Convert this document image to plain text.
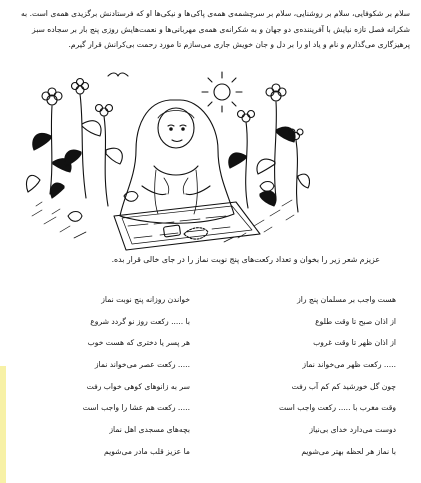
سلام بر شکوفایی، سلام بر روشنایی، سلام بر سرچشمه‌ی همه‌ی پاکی‌ها و نیکی‌ها او که فرستادنش برگزیدی همه‌ی است. به شکرانه فصل تازه نیایش با آفریننده‌ی دو جهان و به شکرانه‌ی همه‌ی مهربانی‌ها و نعمت‌هایش روزی پنج بار بر سجاده سبز پرهیزگاری می‌گذارم و نام و یاد او را بر دل و جان خویش جاری می‌سازم تا مورد رحمت بی‌کرانش قرار گیرم.

عزیزم شعر زیر را بخوان و تعداد رکعت‌های پنج نوبت نماز را در جای خالی قرار بده.
هست واجب بر مسلمان پنج راز
از اذان صبح تا وقت طلوع
از اذان ظهر تا وقت غروب
..... رکعت ظهر می‌خواند نماز
چون گل خورشید کم کم آب رفت
وقت مغرب با ..... رکعت واجب است
دوست می‌دارد خدای بی‌نیاز
با نماز هر لحظه بهتر می‌شویم
خواندن روزانه پنج نوبت نماز
با ..... رکعت روز نو گردد شروع
هر پسر یا دختری که هست خوب
..... رکعت عصر می‌خواند نماز
سر به زانوهای کوهی خواب رفت
..... رکعت هم عشا را واجب است
بچه‌های مسجدی اهل نماز
ما عزیز قلب مادر می‌شویم
